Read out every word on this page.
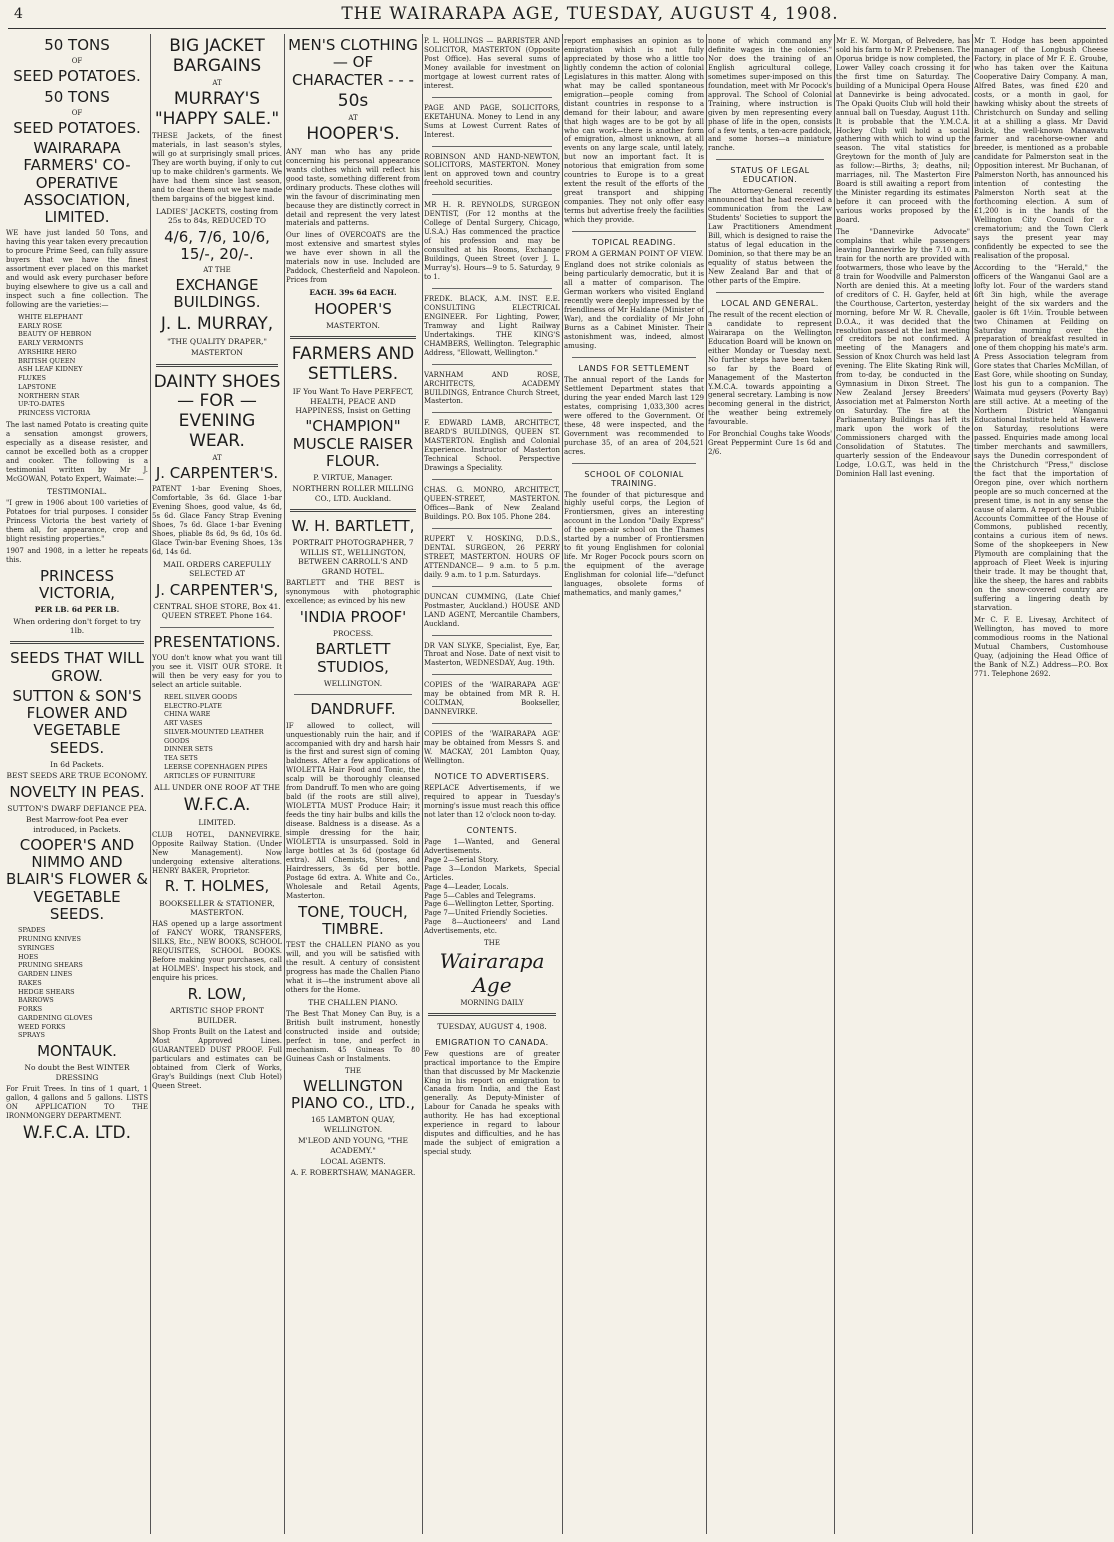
4	THE WAIRARAPA AGE, TUESDAY, AUGUST 4, 1908.
50 TONS
OF
SEED POTATOES.
50 TONS
OF
SEED POTATOES.
WAIRARAPA FARMERS' CO-OPERATIVE ASSOCIATION, LIMITED.
WE have just landed 50 Tons, and having this year taken every precaution to procure Prime Seed, can fully assure buyers that we have the finest assortment ever placed on this market and would ask every purchaser before buying elsewhere to give us a call and inspect such a fine collection. The following are the varieties:—
WHITE ELEPHANT
EARLY ROSE
BEAUTY OF HEBRON
EARLY VERMONTS
AYRSHIRE HERO
BRITISH QUEEN
ASH LEAF KIDNEY
FLUKES
LAPSTONE
NORTHERN STAR
UP-TO-DATES
PRINCESS VICTORIA
The last named Potato is creating quite a sensation amongst growers, especially as a disease resister, and cannot be excelled both as a cropper and cooker. The following is a testimonial written by Mr J. McGOWAN, Potato Expert, Waimate:—
TESTIMONIAL.
"I grew in 1906 about 100 varieties of Potatoes for trial purposes. I consider Princess Victoria the best variety of them all, for appearance, crop and blight resisting properties."
1907 and 1908, in a letter he repeats this.
PRINCESS VICTORIA,
PER LB. 6d PER LB.
When ordering don't forget to try 1lb.
SEEDS THAT WILL GROW.
SUTTON & SON'S FLOWER AND VEGETABLE SEEDS.
In 6d Packets.
BEST SEEDS ARE TRUE ECONOMY.
NOVELTY IN PEAS.
SUTTON'S DWARF DEFIANCE PEA.
Best Marrow-foot Pea ever introduced, in Packets.
COOPER'S AND NIMMO AND BLAIR'S FLOWER & VEGETABLE SEEDS.
SPADES
PRUNING KNIVES
SYRINGES
HOES
PRUNING SHEARS
GARDEN LINES
RAKES
HEDGE SHEARS
BARROWS
FORKS
GARDENING GLOVES
WEED FORKS
SPRAYS
MONTAUK.
No doubt the Best WINTER DRESSING
For Fruit Trees. In tins of 1 quart, 1 gallon, 4 gallons and 5 gallons. LISTS ON APPLICATION TO THE IRONMONGERY DEPARTMENT.
W.F.C.A. LTD.
BIG JACKET BARGAINS
AT
MURRAY'S "HAPPY SALE."
THESE Jackets, of the finest materials, in last season's styles, will go at surprisingly small prices. They are worth buying, if only to cut up to make children's garments. We have had them since last season, and to clear them out we have made them bargains of the biggest kind.
LADIES' JACKETS, costing from 25s to 84s, REDUCED TO
4/6, 7/6, 10/6, 15/-, 20/-.
AT THE
EXCHANGE BUILDINGS.
J. L. MURRAY,
"THE QUALITY DRAPER,"
MASTERTON
DAINTY SHOES — FOR — EVENING WEAR.
AT
J. CARPENTER'S.
PATENT 1-bar Evening Shoes, Comfortable, 3s 6d. Glace 1-bar Evening Shoes, good value, 4s 6d, 5s 6d. Glace Fancy Strap Evening Shoes, 7s 6d. Glace 1-bar Evening Shoes, pliable 8s 6d, 9s 6d, 10s 6d. Glace Twin-bar Evening Shoes, 13s 6d, 14s 6d.
MAIL ORDERS CAREFULLY SELECTED AT
J. CARPENTER'S,
CENTRAL SHOE STORE, Box 41. QUEEN STREET. Phone 164.
PRESENTATIONS.
YOU don't know what you want till you see it. VISIT OUR STORE. It will then be very easy for you to select an article suitable.
REEL SILVER GOODS
ELECTRO-PLATE
CHINA WARE
ART VASES
SILVER-MOUNTED LEATHER GOODS
DINNER SETS
TEA SETS
LEERSE COPENHAGEN PIPES
ARTICLES OF FURNITURE
ALL UNDER ONE ROOF AT THE
W.F.C.A.
LIMITED.
CLUB HOTEL, DANNEVIRKE. Opposite Railway Station. (Under New Management). Now undergoing extensive alterations. HENRY BAKER, Proprietor.
R. T. HOLMES,
BOOKSELLER & STATIONER, MASTERTON.
HAS opened up a large assortment of FANCY WORK, TRANSFERS, SILKS, Etc., NEW BOOKS, SCHOOL REQUISITES, SCHOOL BOOKS. Before making your purchases, call at HOLMES'. Inspect his stock, and enquire his prices.
R. LOW,
ARTISTIC SHOP FRONT BUILDER.
Shop Fronts Built on the Latest and Most Approved Lines. GUARANTEED DUST PROOF. Full particulars and estimates can be obtained from Clerk of Works, Gray's Buildings (next Club Hotel) Queen Street.
MEN'S CLOTHING — OF CHARACTER - - -
50s
AT
HOOPER'S.
ANY man who has any pride concerning his personal appearance wants clothes which will reflect his good taste, something different from ordinary products. These clothes will win the favour of discriminating men because they are distinctly correct in detail and represent the very latest materials and patterns.
Our lines of OVERCOATS are the most extensive and smartest styles we have ever shown in all the materials now in use. Included are Paddock, Chesterfield and Napoleon. Prices from
EACH. 39s 6d EACH.
HOOPER'S
MASTERTON.
FARMERS AND SETTLERS.
IF You Want To Have PERFECT, HEALTH, PEACE AND HAPPINESS, Insist on Getting
"CHAMPION" MUSCLE RAISER FLOUR.
P. VIRTUE, Manager.
NORTHERN ROLLER MILLING CO., LTD. Auckland.
W. H. BARTLETT,
PORTRAIT PHOTOGRAPHER, 7 WILLIS ST., WELLINGTON, BETWEEN CARROLL'S AND GRAND HOTEL.
BARTLETT and THE BEST is synonymous with photographic excellence; as evinced by his new
'INDIA PROOF'
PROCESS.
BARTLETT STUDIOS,
WELLINGTON.
DANDRUFF.
IF allowed to collect, will unquestionably ruin the hair, and if accompanied with dry and harsh hair is the first and surest sign of coming baldness. After a few applications of WIOLETTA Hair Food and Tonic, the scalp will be thoroughly cleansed from Dandruff. To men who are going bald (if the roots are still alive), WIOLETTA MUST Produce Hair; it feeds the tiny hair bulbs and kills the disease. Baldness is a disease. As a simple dressing for the hair, WIOLETTA is unsurpassed. Sold in large bottles at 3s 6d (postage 6d extra). All Chemists, Stores, and Hairdressers, 3s 6d per bottle. Postage 6d extra. A. White and Co., Wholesale and Retail Agents, Masterton.
TONE, TOUCH, TIMBRE.
TEST the CHALLEN PIANO as you will, and you will be satisfied with the result. A century of consistent progress has made the Challen Piano what it is—the instrument above all others for the Home.
THE CHALLEN PIANO.
The Best That Money Can Buy, is a British built instrument, honestly constructed inside and outside; perfect in tone, and perfect in mechanism. 45 Guineas To 80 Guineas Cash or Instalments.
THE
WELLINGTON PIANO CO., LTD.,
165 LAMBTON QUAY, WELLINGTON.
M'LEOD AND YOUNG, "THE ACADEMY."
LOCAL AGENTS.
A. F. ROBERTSHAW, MANAGER.
P. L. HOLLINGS — BARRISTER AND SOLICITOR, MASTERTON (Opposite Post Office). Has several sums of Money available for investment on mortgage at lowest current rates of interest.
PAGE AND PAGE, SOLICITORS, EKETAHUNA. Money to Lend in any Sums at Lowest Current Rates of Interest.
ROBINSON AND HAND-NEWTON, SOLICITORS, MASTERTON. Money lent on approved town and country freehold securities.
MR H. R. REYNOLDS, SURGEON DENTIST, (For 12 months at the College of Dental Surgery, Chicago, U.S.A.) Has commenced the practice of his profession and may be consulted at his Rooms, Exchange Buildings, Queen Street (over J. L. Murray's). Hours—9 to 5. Saturday, 9 to 1.
FREDK. BLACK, A.M. INST. E.E. CONSULTING ELECTRICAL ENGINEER. For Lighting, Power, Tramway and Light Railway Undertakings. THE KING'S CHAMBERS, Wellington. Telegraphic Address, "Ellowatt, Wellington."
VARNHAM AND ROSE, ARCHITECTS, ACADEMY BUILDINGS, Entrance Church Street, Masterton.
F. EDWARD LAMB, ARCHITECT, BEARD'S BUILDINGS, QUEEN ST. MASTERTON. English and Colonial Experience. Instructor of Masterton Technical School. Perspective Drawings a Speciality.
CHAS. G. MONRO, ARCHITECT, QUEEN-STREET, MASTERTON. Offices—Bank of New Zealand Buildings. P.O. Box 105. Phone 284.
RUPERT V. HOSKING, D.D.S., DENTAL SURGEON, 26 PERRY STREET, MASTERTON. HOURS OF ATTENDANCE— 9 a.m. to 5 p.m. daily. 9 a.m. to 1 p.m. Saturdays.
DUNCAN CUMMING, (Late Chief Postmaster, Auckland.) HOUSE AND LAND AGENT, Mercantile Chambers, Auckland.
DR VAN SLYKE, Specialist, Eye, Ear, Throat and Nose. Date of next visit to Masterton, WEDNESDAY, Aug. 19th.
COPIES of the 'WAIRARAPA AGE' may be obtained from MR R. H. COLTMAN, Bookseller, DANNEVIRKE.
COPIES of the 'WAIRARAPA AGE' may be obtained from Messrs S. and W. MACKAY, 201 Lambton Quay, Wellington.
NOTICE TO ADVERTISERS.
REPLACE Advertisements, if we required to appear in Tuesday's morning's issue must reach this office not later than 12 o'clock noon to-day.
CONTENTS.
Page 1—Wanted, and General Advertisements.
Page 2—Serial Story.
Page 3—London Markets, Special Articles.
Page 4—Leader, Locals.
Page 5—Cables and Telegrams.
Page 6—Wellington Letter, Sporting.
Page 7—United Friendly Societies.
Page 8—Auctioneers' and Land Advertisements, etc.
THE
Wairarapa Age
MORNING DAILY
TUESDAY, AUGUST 4, 1908.
EMIGRATION TO CANADA.
Few questions are of greater practical importance to the Empire than that discussed by Mr Mackenzie King in his report on emigration to Canada from India, and the East generally. As Deputy-Minister of Labour for Canada he speaks with authority. He has had exceptional experience in regard to labour disputes and difficulties, and he has made the subject of emigration a special study.
report emphasises an opinion as to emigration which is not fully appreciated by those who a little too lightly condemn the action of colonial Legislatures in this matter. Along with what may be called spontaneous emigration—people coming from distant countries in response to a demand for their labour, and aware that high wages are to be got by all who can work—there is another form of emigration, almost unknown, at all events on any large scale, until lately, but now an important fact. It is notorious that emigration from some countries to Europe is to a great extent the result of the efforts of the great transport and shipping companies. They not only offer easy terms but advertise freely the facilities which they provide.
TOPICAL READING.
FROM A GERMAN POINT OF VIEW.
England does not strike colonials as being particularly democratic, but it is all a matter of comparison. The German workers who visited England recently were deeply impressed by the friendliness of Mr Haldane (Minister of War), and the cordiality of Mr John Burns as a Cabinet Minister. Their astonishment was, indeed, almost amusing.
LANDS FOR SETTLEMENT
The annual report of the Lands for Settlement Department states that during the year ended March last 129 estates, comprising 1,033,300 acres were offered to the Government. Of these, 48 were inspected, and the Government was recommended to purchase 35, of an area of 204,521 acres.
SCHOOL OF COLONIAL TRAINING.
The founder of that picturesque and highly useful corps, the Legion of Frontiersmen, gives an interesting account in the London "Daily Express" of the open-air school on the Thames started by a number of Frontiersmen to fit young Englishmen for colonial life. Mr Roger Pocock pours scorn on the equipment of the average Englishman for colonial life—"defunct languages, obsolete forms of mathematics, and manly games,"
none of which command any definite wages in the colonies." Nor does the training of an English agricultural college, sometimes super-imposed on this foundation, meet with Mr Pocock's approval. The School of Colonial Training, where instruction is given by men representing every phase of life in the open, consists of a few tents, a ten-acre paddock, and some horses—a miniature ranche.
STATUS OF LEGAL EDUCATION.
The Attorney-General recently announced that he had received a communication from the Law Students' Societies to support the Law Practitioners Amendment Bill, which is designed to raise the status of legal education in the Dominion, so that there may be an equality of status between the New Zealand Bar and that of other parts of the Empire.
LOCAL AND GENERAL.
The result of the recent election of a candidate to represent Wairarapa on the Wellington Education Board will be known on either Monday or Tuesday next. No further steps have been taken so far by the Board of Management of the Masterton Y.M.C.A. towards appointing a general secretary. Lambing is now becoming general in the district, the weather being extremely favourable.
For Bronchial Coughs take Woods' Great Peppermint Cure 1s 6d and 2/6.
Mr E. W. Morgan, of Belvedere, has sold his farm to Mr P. Prebensen. The Oporua bridge is now completed, the Lower Valley coach crossing it for the first time on Saturday. The building of a Municipal Opera House at Dannevirke is being advocated. The Opaki Quoits Club will hold their annual ball on Tuesday, August 11th. It is probable that the Y.M.C.A. Hockey Club will hold a social gathering with which to wind up the season. The vital statistics for Greytown for the month of July are as follow:—Births, 3; deaths, nil; marriages, nil. The Masterton Fire Board is still awaiting a report from the Minister regarding its estimates before it can proceed with the various works proposed by the Board.
The "Dannevirke Advocate" complains that while passengers leaving Dannevirke by the 7.10 a.m. train for the north are provided with footwarmers, those who leave by the 8 train for Woodville and Palmerston North are denied this. At a meeting of creditors of C. H. Gayfer, held at the Courthouse, Carterton, yesterday morning, before Mr W. R. Chevalle, D.O.A., it was decided that the resolution passed at the last meeting of creditors be not confirmed. A meeting of the Managers and Session of Knox Church was held last evening. The Elite Skating Rink will, from to-day, be conducted in the Gymnasium in Dixon Street. The New Zealand Jersey Breeders' Association met at Palmerston North on Saturday. The fire at the Parliamentary Buildings has left its mark upon the work of the Commissioners charged with the Consolidation of Statutes. The quarterly session of the Endeavour Lodge, I.O.G.T., was held in the Dominion Hall last evening.
Mr T. Hodge has been appointed manager of the Longbush Cheese Factory, in place of Mr F. E. Groube, who has taken over the Kaituna Cooperative Dairy Company. A man, Alfred Bates, was fined £20 and costs, or a month in gaol, for hawking whisky about the streets of Christchurch on Sunday and selling it at a shilling a glass. Mr David Buick, the well-known Manawatu farmer and racehorse-owner and breeder, is mentioned as a probable candidate for Palmerston seat in the Opposition interest. Mr Buchanan, of Palmerston North, has announced his intention of contesting the Palmerston North seat at the forthcoming election. A sum of £1,200 is in the hands of the Wellington City Council for a crematorium; and the Town Clerk says the present year may confidently be expected to see the realisation of the proposal.
According to the "Herald," the officers of the Wanganui Gaol are a lofty lot. Four of the warders stand 6ft 3in high, while the average height of the six warders and the gaoler is 6ft 1½in. Trouble between two Chinamen at Feilding on Saturday morning over the preparation of breakfast resulted in one of them chopping his mate's arm. A Press Association telegram from Gore states that Charles McMillan, of East Gore, while shooting on Sunday, lost his gun to a companion. The Waimata mud geysers (Poverty Bay) are still active. At a meeting of the Northern District Wanganui Educational Institute held at Hawera on Saturday, resolutions were passed. Enquiries made among local timber merchants and sawmillers, says the Dunedin correspondent of the Christchurch "Press," disclose the fact that the importation of Oregon pine, over which northern people are so much concerned at the present time, is not in any sense the cause of alarm. A report of the Public Accounts Committee of the House of Commons, published recently, contains a curious item of news. Some of the shopkeepers in New Plymouth are complaining that the approach of Fleet Week is injuring their trade. It may be thought that, like the sheep, the hares and rabbits on the snow-covered country are suffering a lingering death by starvation.
Mr C. F. E. Livesay, Architect of Wellington, has moved to more commodious rooms in the National Mutual Chambers, Customhouse Quay, (adjoining the Head Office of the Bank of N.Z.) Address—P.O. Box 771. Telephone 2692.
